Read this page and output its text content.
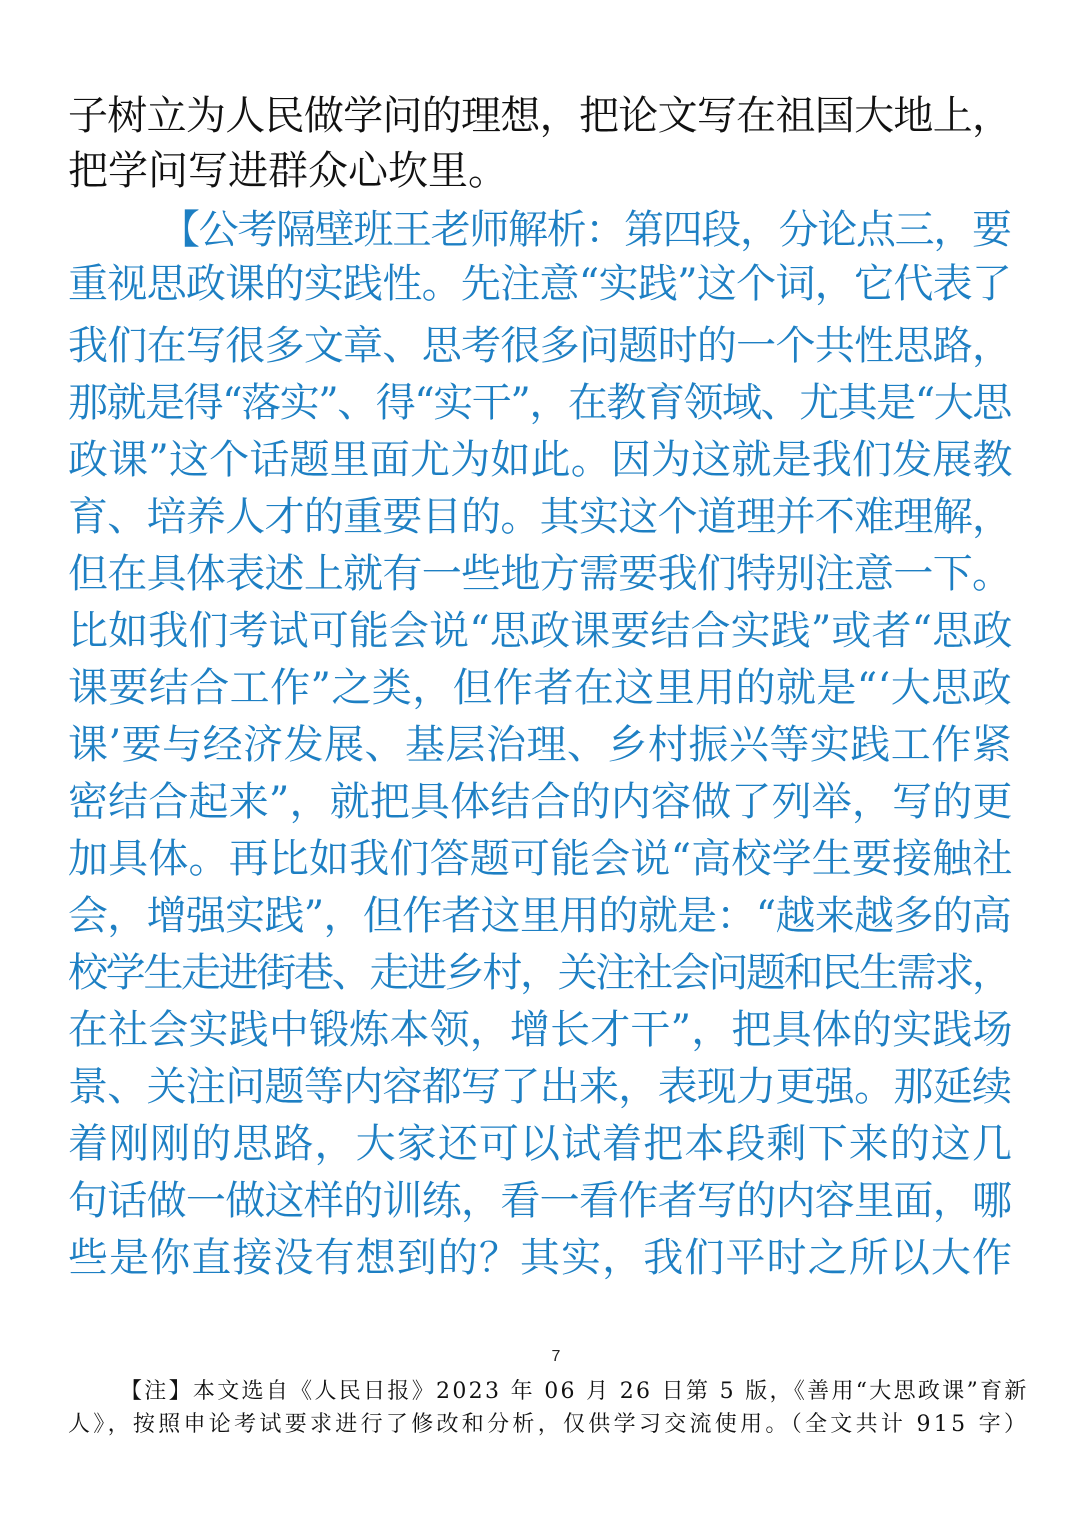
子树立为人民做学问的理想，把论文写在祖国大地上，
把学问写进群众心坎里。
【公考隔壁班王老师解析：第四段，分论点三，要
重视思政课的实践性。先注意“实践”这个词，它代表了
我们在写很多文章、思考很多问题时的一个共性思路，
那就是得“落实”、得“实干”，在教育领域、尤其是“大思
政课”这个话题里面尤为如此。因为这就是我们发展教
育、培养人才的重要目的。其实这个道理并不难理解，
但在具体表述上就有一些地方需要我们特别注意一下。
比如我们考试可能会说“思政课要结合实践”或者“思政
课要结合工作”之类，但作者在这里用的就是“‘大思政
课’要与经济发展、基层治理、乡村振兴等实践工作紧
密结合起来”，就把具体结合的内容做了列举，写的更
加具体。再比如我们答题可能会说“高校学生要接触社
会，增强实践”，但作者这里用的就是：“越来越多的高
校学生走进街巷、走进乡村，关注社会问题和民生需求，
在社会实践中锻炼本领，增长才干”，把具体的实践场
景、关注问题等内容都写了出来，表现力更强。那延续
着刚刚的思路，大家还可以试着把本段剩下来的这几
句话做一做这样的训练，看一看作者写的内容里面，哪
些是你直接没有想到的？其实，我们平时之所以大作
7
【注】本文选自《人民日报》2023 年 06 月 26 日第 5 版，《善用“大思政课”育新
人》，按照申论考试要求进行了修改和分析，仅供学习交流使用。（全文共计 915 字）
